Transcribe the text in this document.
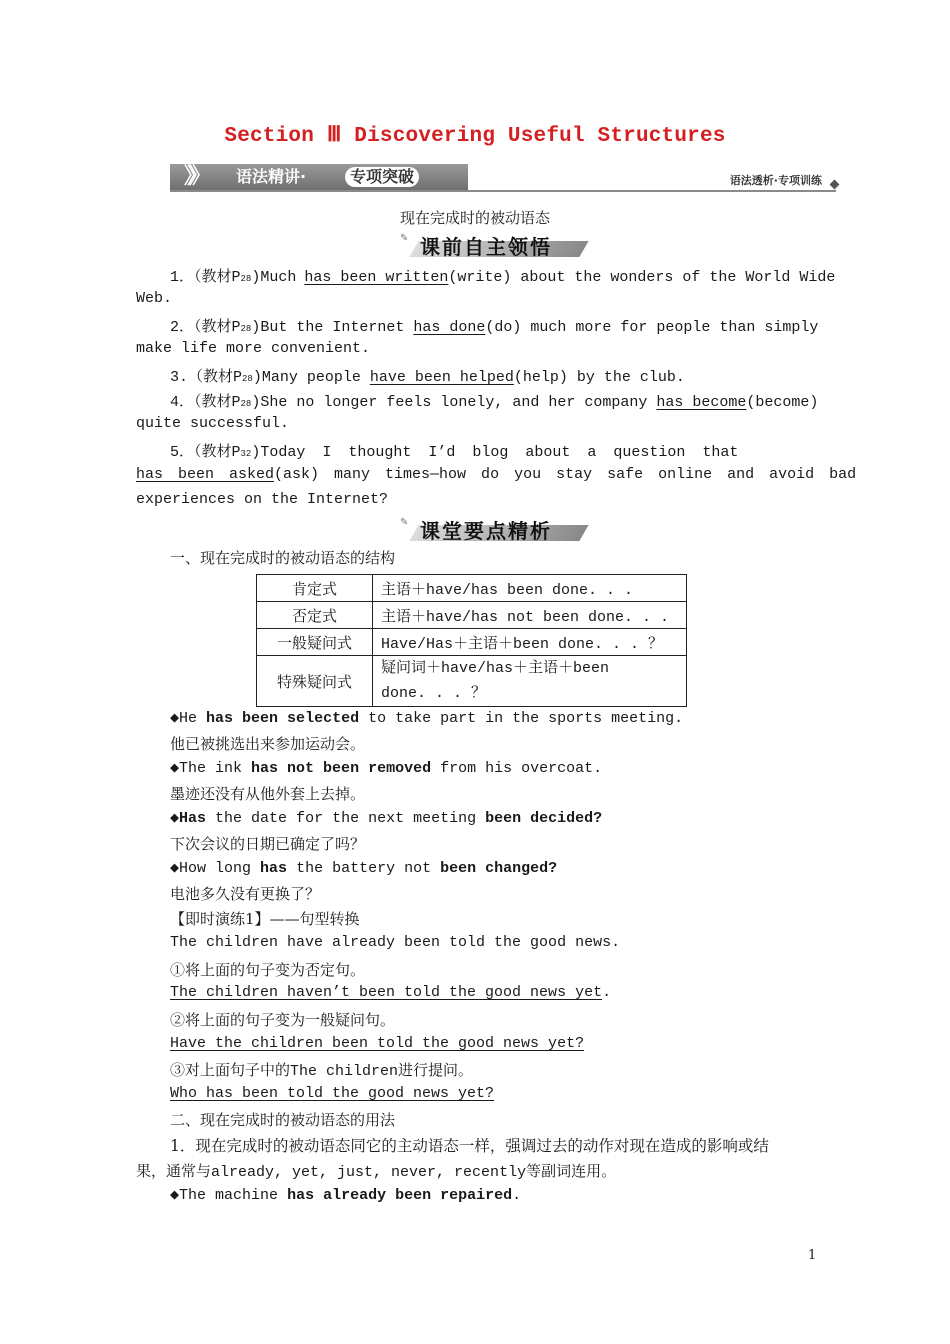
Section Ⅲ Discovering Useful Structures
》》 语法精讲·	专项突破	语法透析·专项训练
现在完成时的被动语态
✎ 课前自主领悟
1．（教材P28)Much has been written(write) about the wonders of the World Wide
Web.
2．（教材P28)But the Internet has done(do) much more for people than simply
make life more convenient.
3.（教材P28)Many people have been helped(help) by the club.
4．（教材P28)She no longer feels lonely, and her company has become(become)
quite successful.
5．（教材P32)Today I thought I’d blog about a question that
has been asked(ask) many times—how do you stay safe online and avoid bad
experiences on the Internet?
✎ 课堂要点精析
一、现在完成时的被动语态的结构
肯定式	主语＋have/has been done. . .
否定式	主语＋have/has not been done. . .
一般疑问式	Have/Has＋主语＋been done. . . ？
特殊疑问式	疑问词＋have/has＋主语＋been
done. . . ？
◆He has been selected to take part in the sports meeting.
他已被挑选出来参加运动会。
◆The ink has not been removed from his overcoat.
墨迹还没有从他外套上去掉。
◆Has the date for the next meeting been decided?
下次会议的日期已确定了吗？
◆How long has the battery not been changed?
电池多久没有更换了？
【即时演练1】——句型转换
The children have already been told the good news.
①将上面的句子变为否定句。
The children haven’t been told the good news yet.
②将上面的句子变为一般疑问句。
Have the children been told the good news yet?
③对上面句子中的The children进行提问。
Who has been told the good news yet?
二、现在完成时的被动语态的用法
1．现在完成时的被动语态同它的主动语态一样，强调过去的动作对现在造成的影响或结
果，通常与already, yet, just, never, recently等副词连用。
◆The machine has already been repaired.
1
